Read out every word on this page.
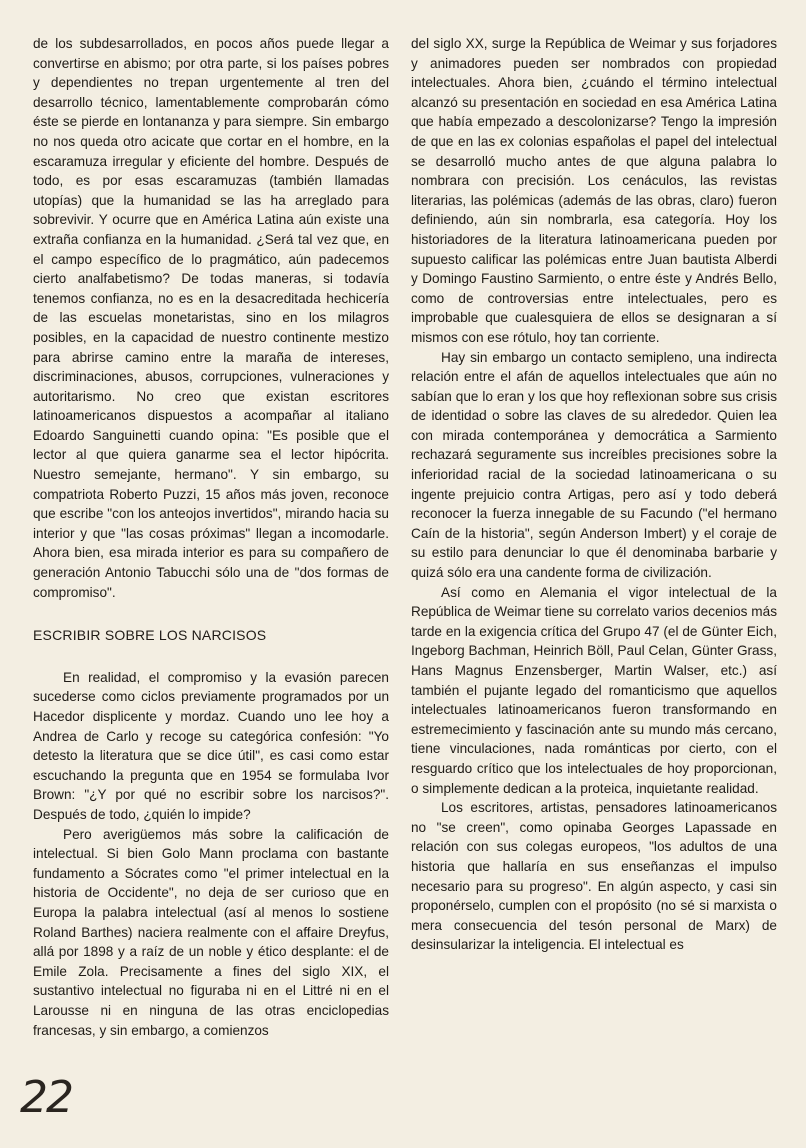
de los subdesarrollados, en pocos años puede llegar a convertirse en abismo; por otra parte, si los países pobres y dependientes no trepan urgentemente al tren del desarrollo técnico, lamentablemente comprobarán cómo éste se pierde en lontananza y para siempre. Sin embargo no nos queda otro acicate que cortar en el hombre, en la escaramuza irregular y eficiente del hombre. Después de todo, es por esas escaramuzas (también llamadas utopías) que la humanidad se las ha arreglado para sobrevivir. Y ocurre que en América Latina aún existe una extraña confianza en la humanidad. ¿Será tal vez que, en el campo específico de lo pragmático, aún padecemos cierto analfabetismo? De todas maneras, si todavía tenemos confianza, no es en la desacreditada hechicería de las escuelas monetaristas, sino en los milagros posibles, en la capacidad de nuestro continente mestizo para abrirse camino entre la maraña de intereses, discriminaciones, abusos, corrupciones, vulneraciones y autoritarismo. No creo que existan escritores latinoamericanos dispuestos a acompañar al italiano Edoardo Sanguinetti cuando opina: "Es posible que el lector al que quiera ganarme sea el lector hipócrita. Nuestro semejante, hermano". Y sin embargo, su compatriota Roberto Puzzi, 15 años más joven, reconoce que escribe "con los anteojos invertidos", mirando hacia su interior y que "las cosas próximas" llegan a incomodarle. Ahora bien, esa mirada interior es para su compañero de generación Antonio Tabucchi sólo una de "dos formas de compromiso".

ESCRIBIR SOBRE LOS NARCISOS

En realidad, el compromiso y la evasión parecen sucederse como ciclos previamente programados por un Hacedor displicente y mordaz. Cuando uno lee hoy a Andrea de Carlo y recoge su categórica confesión: "Yo detesto la literatura que se dice útil", es casi como estar escuchando la pregunta que en 1954 se formulaba Ivor Brown: "¿Y por qué no escribir sobre los narcisos?". Después de todo, ¿quién lo impide?

Pero averigüemos más sobre la calificación de intelectual. Si bien Golo Mann proclama con bastante fundamento a Sócrates como "el primer intelectual en la historia de Occidente", no deja de ser curioso que en Europa la palabra intelectual (así al menos lo sostiene Roland Barthes) naciera realmente con el affaire Dreyfus, allá por 1898 y a raíz de un noble y ético desplante: el de Emile Zola. Precisamente a fines del siglo XIX, el sustantivo intelectual no figuraba ni en el Littré ni en el Larousse ni en ninguna de las otras enciclopedias francesas, y sin embargo, a comienzos

del siglo XX, surge la República de Weimar y sus forjadores y animadores pueden ser nombrados con propiedad intelectuales. Ahora bien, ¿cuándo el término intelectual alcanzó su presentación en sociedad en esa América Latina que había empezado a descolonizarse? Tengo la impresión de que en las ex colonias españolas el papel del intelectual se desarrolló mucho antes de que alguna palabra lo nombrara con precisión. Los cenáculos, las revistas literarias, las polémicas (además de las obras, claro) fueron definiendo, aún sin nombrarla, esa categoría. Hoy los historiadores de la literatura latinoamericana pueden por supuesto calificar las polémicas entre Juan bautista Alberdi y Domingo Faustino Sarmiento, o entre éste y Andrés Bello, como de controversias entre intelectuales, pero es improbable que cualesquiera de ellos se designaran a sí mismos con ese rótulo, hoy tan corriente.

Hay sin embargo un contacto semipleno, una indirecta relación entre el afán de aquellos intelectuales que aún no sabían que lo eran y los que hoy reflexionan sobre sus crisis de identidad o sobre las claves de su alrededor. Quien lea con mirada contemporánea y democrática a Sarmiento rechazará seguramente sus increíbles precisiones sobre la inferioridad racial de la sociedad latinoamericana o su ingente prejuicio contra Artigas, pero así y todo deberá reconocer la fuerza innegable de su Facundo ("el hermano Caín de la historia", según Anderson Imbert) y el coraje de su estilo para denunciar lo que él denominaba barbarie y quizá sólo era una candente forma de civilización.

Así como en Alemania el vigor intelectual de la República de Weimar tiene su correlato varios decenios más tarde en la exigencia crítica del Grupo 47 (el de Günter Eich, Ingeborg Bachman, Heinrich Böll, Paul Celan, Günter Grass, Hans Magnus Enzensberger, Martin Walser, etc.) así también el pujante legado del romanticismo que aquellos intelectuales latinoamericanos fueron transformando en estremecimiento y fascinación ante su mundo más cercano, tiene vinculaciones, nada románticas por cierto, con el resguardo crítico que los intelectuales de hoy proporcionan, o simplemente dedican a la proteica, inquietante realidad.

Los escritores, artistas, pensadores latinoamericanos no "se creen", como opinaba Georges Lapassade en relación con sus colegas europeos, "los adultos de una historia que hallaría en sus enseñanzas el impulso necesario para su progreso". En algún aspecto, y casi sin proponérselo, cumplen con el propósito (no sé si marxista o mera consecuencia del tesón personal de Marx) de desinsularizar la inteligencia. El intelectual es

22
